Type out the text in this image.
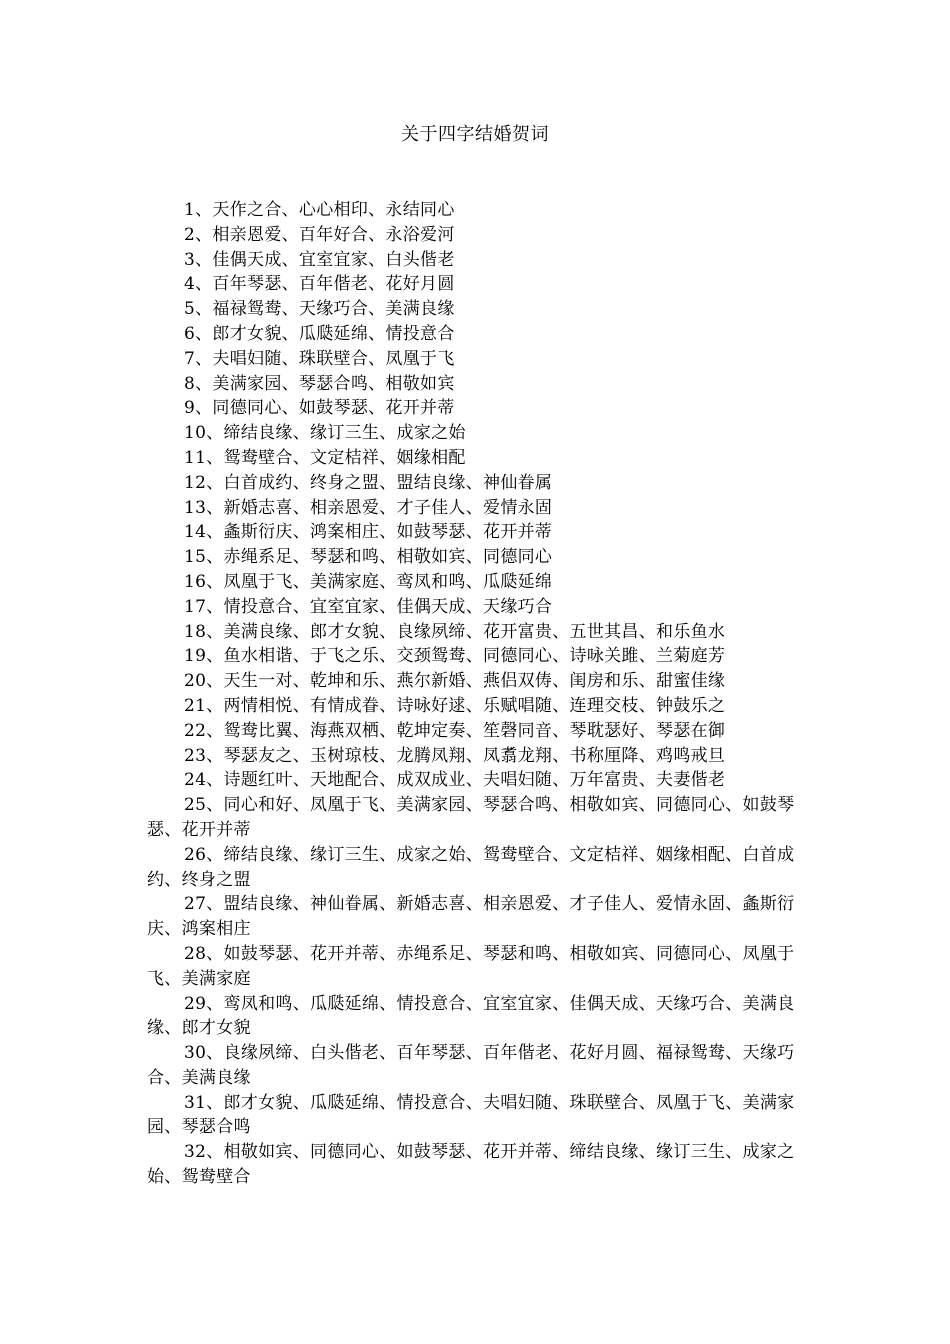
关于四字结婚贺词

1、天作之合、心心相印、永结同心

2、相亲恩爱、百年好合、永浴爱河

3、佳偶天成、宜室宜家、白头偕老

4、百年琴瑟、百年偕老、花好月圆

5、福禄鸳鸯、天缘巧合、美满良缘

6、郎才女貌、瓜瓞延绵、情投意合

7、夫唱妇随、珠联壁合、凤凰于飞

8、美满家园、琴瑟合鸣、相敬如宾

9、同德同心、如鼓琴瑟、花开并蒂

10、缔结良缘、缘订三生、成家之始

11、鸳鸯壁合、文定桔祥、姻缘相配

12、白首成约、终身之盟、盟结良缘、神仙眷属

13、新婚志喜、相亲恩爱、才子佳人、爱情永固

14、螽斯衍庆、鸿案相庄、如鼓琴瑟、花开并蒂

15、赤绳系足、琴瑟和鸣、相敬如宾、同德同心

16、凤凰于飞、美满家庭、鸾凤和鸣、瓜瓞延绵

17、情投意合、宜室宜家、佳偶天成、天缘巧合

18、美满良缘、郎才女貌、良缘夙缔、花开富贵、五世其昌、和乐鱼水

19、鱼水相谐、于飞之乐、交颈鸳鸯、同德同心、诗咏关雎、兰菊庭芳

20、天生一对、乾坤和乐、燕尔新婚、燕侣双俦、闺房和乐、甜蜜佳缘

21、两情相悦、有情成眷、诗咏好逑、乐赋唱随、连理交枝、钟鼓乐之

22、鸳鸯比翼、海燕双栖、乾坤定奏、笙磬同音、琴耽瑟好、琴瑟在御

23、琴瑟友之、玉树琼枝、龙腾凤翔、凤翥龙翔、书称厘降、鸡鸣戒旦

24、诗题红叶、天地配合、成双成业、夫唱妇随、万年富贵、夫妻偕老

25、同心和好、凤凰于飞、美满家园、琴瑟合鸣、相敬如宾、同德同心、如鼓琴瑟、花开并蒂

26、缔结良缘、缘订三生、成家之始、鸳鸯壁合、文定桔祥、姻缘相配、白首成约、终身之盟

27、盟结良缘、神仙眷属、新婚志喜、相亲恩爱、才子佳人、爱情永固、螽斯衍庆、鸿案相庄

28、如鼓琴瑟、花开并蒂、赤绳系足、琴瑟和鸣、相敬如宾、同德同心、凤凰于飞、美满家庭

29、鸾凤和鸣、瓜瓞延绵、情投意合、宜室宜家、佳偶天成、天缘巧合、美满良缘、郎才女貌

30、良缘夙缔、白头偕老、百年琴瑟、百年偕老、花好月圆、福禄鸳鸯、天缘巧合、美满良缘

31、郎才女貌、瓜瓞延绵、情投意合、夫唱妇随、珠联壁合、凤凰于飞、美满家园、琴瑟合鸣

32、相敬如宾、同德同心、如鼓琴瑟、花开并蒂、缔结良缘、缘订三生、成家之始、鸳鸯壁合
